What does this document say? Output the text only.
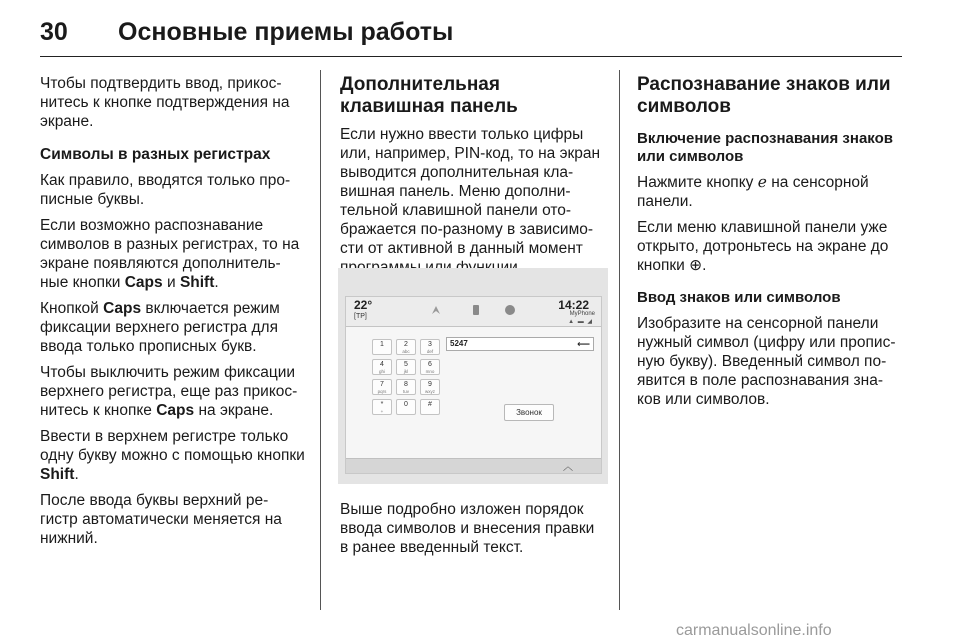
30 Основные приемы работы

Чтобы подтвердить ввод, прикос- нитесь к кнопке подтверждения на экране.

Символы в разных регистрах

Как правило, вводятся только про- писные буквы.

Если возможно распознавание символов в разных регистрах, то на экране появляются дополнитель- ные кнопки Caps и Shift.

Кнопкой Caps включается режим фиксации верхнего регистра для ввода только прописных букв.

Чтобы выключить режим фиксации верхнего регистра, еще раз прикос- нитесь к кнопке Caps на экране.

Ввести в верхнем регистре только одну букву можно с помощью кнопки Shift.

После ввода буквы верхний ре- гистр автоматически меняется на нижний.

Дополнительная клавишная панель

Если нужно ввести только цифры или, например, PIN-код, то на экран выводится дополнительная кла- вишная панель. Меню дополни- тельной клавишной панели ото- бражается по-разному в зависимо- сти от активной в данный момент

22°
[TP]
14:22
MyPhone
▲ ▬ ◢
1	2
abc
3
def
4
ghi
5
jkl
6
mno
7
pqrs
8
tuv
9
wxyz
*
+
0	#
5247	⟵
Звонок
︿

Выше подробно изложен порядок ввода символов и внесения правки в ранее введенный текст.

Распознавание знаков или символов

Включение распознавания знаков или символов

Нажмите кнопку ℯ на сенсорной панели.

Если меню клавишной панели уже открыто, дотроньтесь на экране до кнопки ⊕.

Ввод знаков или символов

Изобразите на сенсорной панели нужный символ (цифру или пропис- ную букву). Введенный символ по- явится в поле распознавания зна- ков или символов.

carmanualsonline.info
